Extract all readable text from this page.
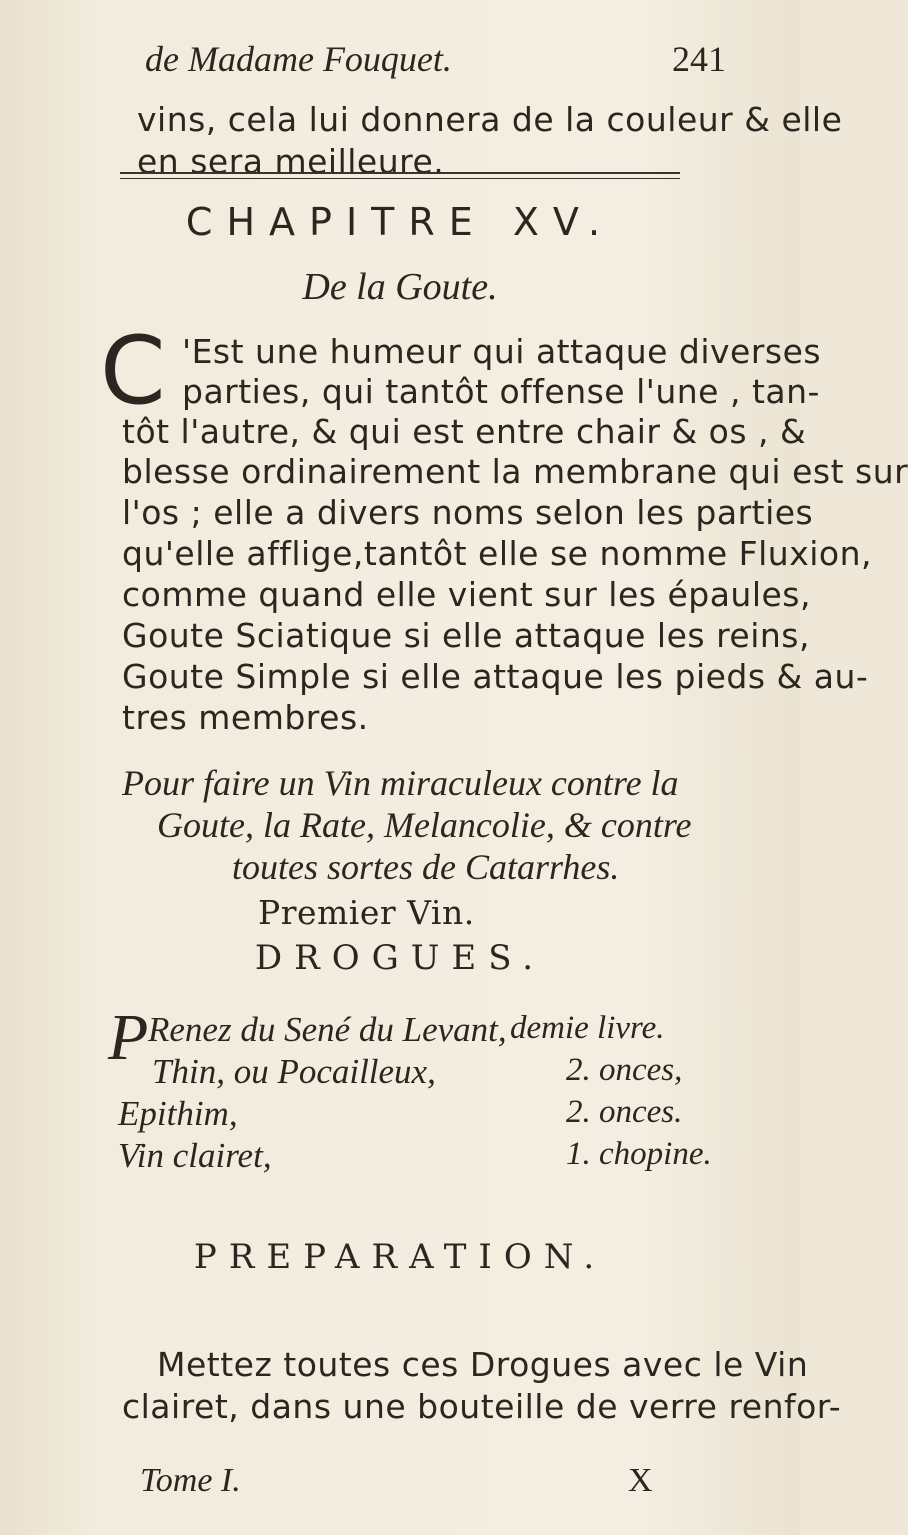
de Madame Fouquet.	241
vins, cela lui donnera de la couleur & elle
en sera meilleure.
CHAPITRE XV.
De la Goute.
C 'Est une humeur qui attaque diverses
parties, qui tantôt offense l'une , tan-
tôt l'autre, & qui est entre chair & os , &
blesse ordinairement la membrane qui est sur
l'os ; elle a divers noms selon les parties
qu'elle afflige,tantôt elle se nomme Fluxion,
comme quand elle vient sur les épaules,
Goute Sciatique si elle attaque les reins,
Goute Simple si elle attaque les pieds & au-
tres membres.
Pour faire un Vin miraculeux contre la
Goute, la Rate, Melancolie, & contre
toutes sortes de Catarrhes.
Premier Vin.
DROGUES.
P Renez du Sené du Levant, demie livre.
Thin, ou Pocailleux,	2. onces,
Epithim,	2. onces.
Vin clairet,	1. chopine.
PREPARATION.
Mettez toutes ces Drogues avec le Vin
clairet, dans une bouteille de verre renfor-
Tome I.	X
